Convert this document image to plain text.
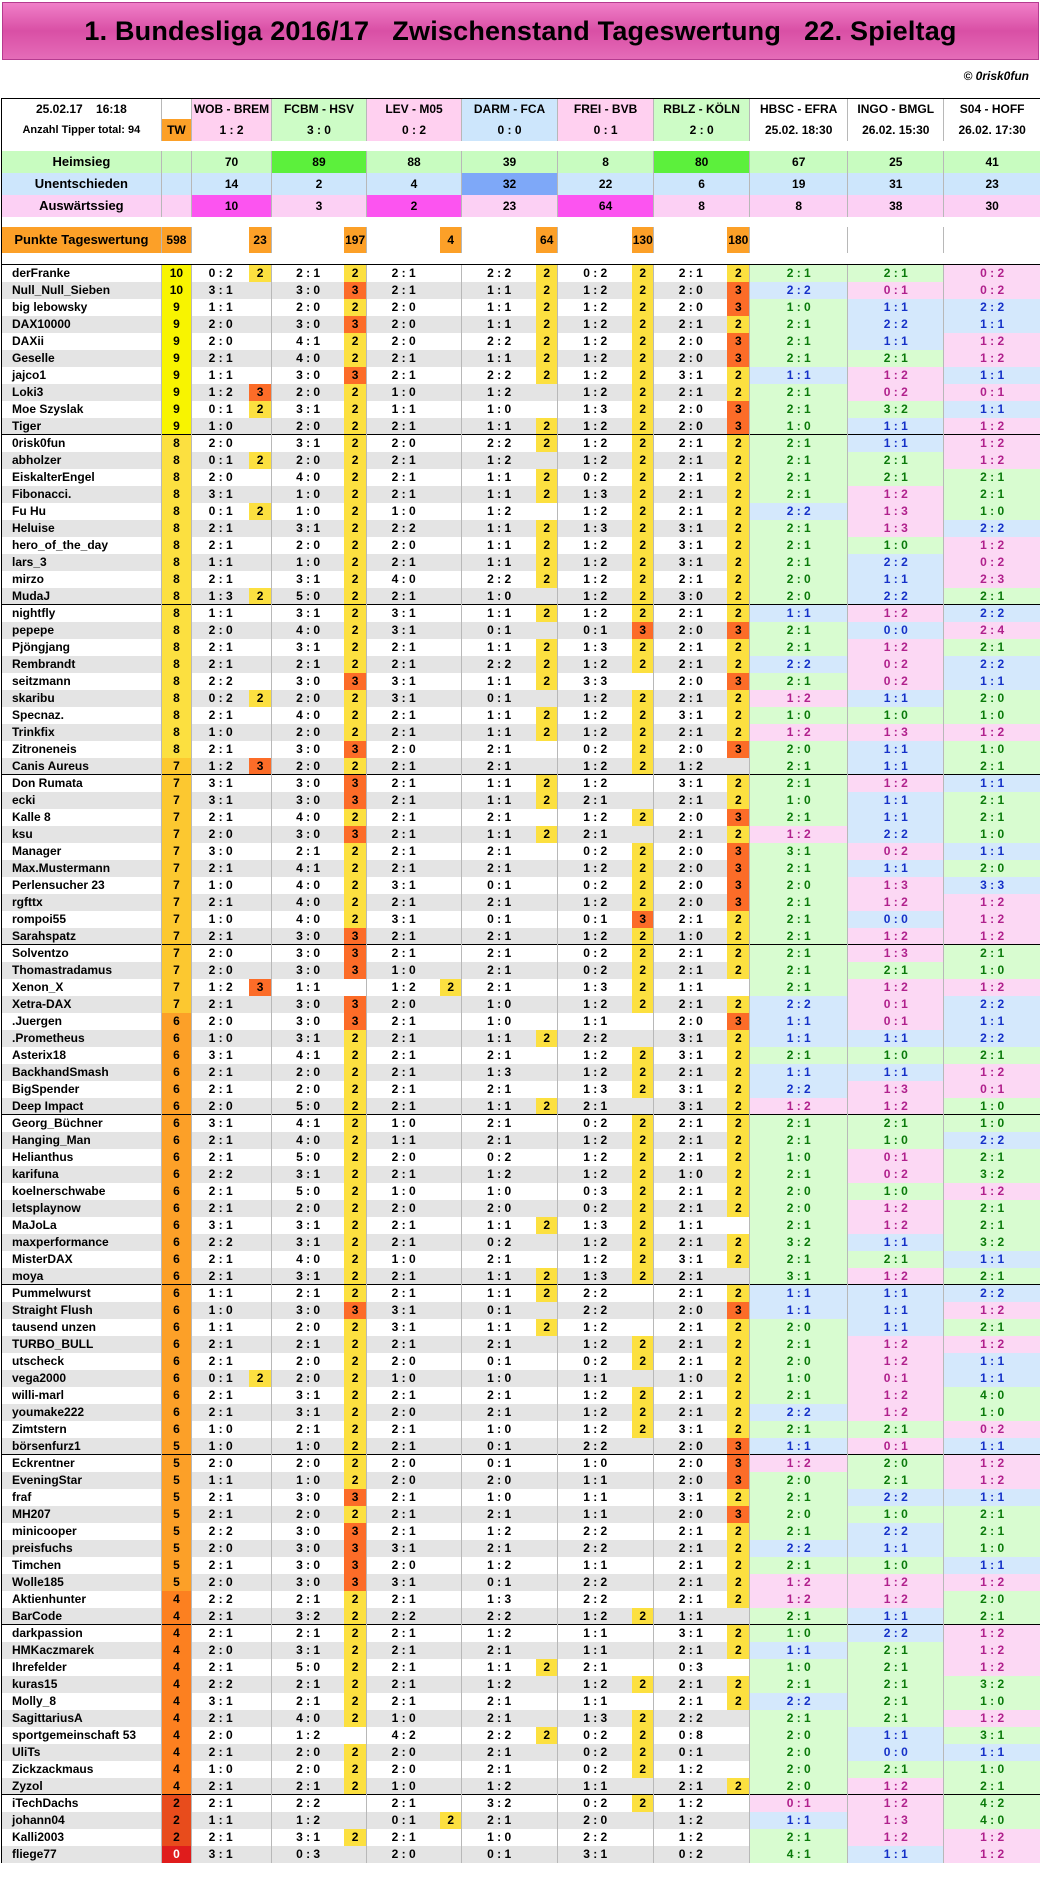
1. Bundesliga 2016/17   Zwischenstand Tageswertung   22. Spieltag
© 0risk0fun
25.02.17 16:18		WOB - BREM		FCBM - HSV		LEV - M05		DARM - FCA		FREI - BVB		RBLZ - KÖLN		HBSC - EFRA	INGO - BMGL	S04 - HOFF
Anzahl Tipper total: 94	TW	1 : 2		3 : 0		0 : 2		0 : 0		0 : 1		2 : 0		25.02. 18:30	26.02. 15:30	26.02. 17:30

Heimsieg		70		89		88		39		8		80		67	25	41
Unentschieden		14		2		4		32		22		6		19	31	23
Auswärtssieg		10		3		2		23		64		8		8	38	30

Punkte Tageswertung	598		23		197		4		64		130		180			

derFranke	10	0 : 2	2	2 : 1	2	2 : 1		2 : 2	2	0 : 2	2	2 : 1	2	2 : 1	2 : 1	0 : 2
Null_Null_Sieben	10	3 : 1		3 : 0	3	2 : 1		1 : 1	2	1 : 2	2	2 : 0	3	2 : 2	0 : 1	0 : 2
big lebowsky	9	1 : 1		2 : 0	2	2 : 0		1 : 1	2	1 : 2	2	2 : 0	3	1 : 0	1 : 1	2 : 2
DAX10000	9	2 : 0		3 : 0	3	2 : 0		1 : 1	2	1 : 2	2	2 : 1	2	2 : 1	2 : 2	1 : 1
DAXii	9	2 : 0		4 : 1	2	2 : 0		2 : 2	2	1 : 2	2	2 : 0	3	2 : 1	1 : 1	1 : 2
Geselle	9	2 : 1		4 : 0	2	2 : 1		1 : 1	2	1 : 2	2	2 : 0	3	2 : 1	2 : 1	1 : 2
jajco1	9	1 : 1		3 : 0	3	2 : 1		2 : 2	2	1 : 2	2	3 : 1	2	1 : 1	1 : 2	1 : 1
Loki3	9	1 : 2	3	2 : 0	2	1 : 0		1 : 2		1 : 2	2	2 : 1	2	2 : 1	0 : 2	0 : 1
Moe Szyslak	9	0 : 1	2	3 : 1	2	1 : 1		1 : 0		1 : 3	2	2 : 0	3	2 : 1	3 : 2	1 : 1
Tiger	9	1 : 0		2 : 0	2	2 : 1		1 : 1	2	1 : 2	2	2 : 0	3	1 : 0	1 : 1	1 : 2
0risk0fun	8	2 : 0		3 : 1	2	2 : 0		2 : 2	2	1 : 2	2	2 : 1	2	2 : 1	1 : 1	1 : 2
abholzer	8	0 : 1	2	2 : 0	2	2 : 1		1 : 2		1 : 2	2	2 : 1	2	2 : 1	2 : 1	1 : 2
EiskalterEngel	8	2 : 0		4 : 0	2	2 : 1		1 : 1	2	0 : 2	2	2 : 1	2	2 : 1	2 : 1	2 : 1
Fibonacci.	8	3 : 1		1 : 0	2	2 : 1		1 : 1	2	1 : 3	2	2 : 1	2	2 : 1	1 : 2	2 : 1
Fu Hu	8	0 : 1	2	1 : 0	2	1 : 0		1 : 2		1 : 2	2	2 : 1	2	2 : 2	1 : 3	1 : 0
Heluise	8	2 : 1		3 : 1	2	2 : 2		1 : 1	2	1 : 3	2	3 : 1	2	2 : 1	1 : 3	2 : 2
hero_of_the_day	8	2 : 1		2 : 0	2	2 : 0		1 : 1	2	1 : 2	2	3 : 1	2	2 : 1	1 : 0	1 : 2
lars_3	8	1 : 1		1 : 0	2	2 : 1		1 : 1	2	1 : 2	2	3 : 1	2	2 : 1	2 : 2	0 : 2
mirzo	8	2 : 1		3 : 1	2	4 : 0		2 : 2	2	1 : 2	2	2 : 1	2	2 : 0	1 : 1	2 : 3
MudaJ	8	1 : 3	2	5 : 0	2	2 : 1		1 : 0		1 : 2	2	3 : 0	2	2 : 0	2 : 2	2 : 1
nightfly	8	1 : 1		3 : 1	2	3 : 1		1 : 1	2	1 : 2	2	2 : 1	2	1 : 1	1 : 2	2 : 2
pepepe	8	2 : 0		4 : 0	2	3 : 1		0 : 1		0 : 1	3	2 : 0	3	2 : 1	0 : 0	2 : 4
Pjöngjang	8	2 : 1		3 : 1	2	2 : 1		1 : 1	2	1 : 3	2	2 : 1	2	2 : 1	1 : 2	2 : 1
Rembrandt	8	2 : 1		2 : 1	2	2 : 1		2 : 2	2	1 : 2	2	2 : 1	2	2 : 2	0 : 2	2 : 2
seitzmann	8	2 : 2		3 : 0	3	3 : 1		1 : 1	2	3 : 3		2 : 0	3	2 : 1	0 : 2	1 : 1
skaribu	8	0 : 2	2	2 : 0	2	3 : 1		0 : 1		1 : 2	2	2 : 1	2	1 : 2	1 : 1	2 : 0
Specnaz.	8	2 : 1		4 : 0	2	2 : 1		1 : 1	2	1 : 2	2	3 : 1	2	1 : 0	1 : 0	1 : 0
Trinkfix	8	1 : 0		2 : 0	2	2 : 1		1 : 1	2	1 : 2	2	2 : 1	2	1 : 2	1 : 3	1 : 2
Zitroneneis	8	2 : 1		3 : 0	3	2 : 0		2 : 1		0 : 2	2	2 : 0	3	2 : 0	1 : 1	1 : 0
Canis Aureus	7	1 : 2	3	2 : 0	2	2 : 1		2 : 1		1 : 2	2	1 : 2		2 : 1	1 : 1	2 : 1
Don Rumata	7	3 : 1		3 : 0	3	2 : 1		1 : 1	2	1 : 2		3 : 1	2	2 : 1	1 : 2	1 : 1
ecki	7	3 : 1		3 : 0	3	2 : 1		1 : 1	2	2 : 1		2 : 1	2	1 : 0	1 : 1	2 : 1
Kalle 8	7	2 : 1		4 : 0	2	2 : 1		2 : 1		1 : 2	2	2 : 0	3	2 : 1	1 : 1	2 : 1
ksu	7	2 : 0		3 : 0	3	2 : 1		1 : 1	2	2 : 1		2 : 1	2	1 : 2	2 : 2	1 : 0
Manager	7	3 : 0		2 : 1	2	2 : 1		2 : 1		0 : 2	2	2 : 0	3	3 : 1	0 : 2	1 : 1
Max.Mustermann	7	2 : 1		4 : 1	2	2 : 1		2 : 1		1 : 2	2	2 : 0	3	2 : 1	1 : 1	2 : 0
Perlensucher 23	7	1 : 0		4 : 0	2	3 : 1		0 : 1		0 : 2	2	2 : 0	3	2 : 0	1 : 3	3 : 3
rgfttx	7	2 : 1		4 : 0	2	2 : 1		2 : 1		1 : 2	2	2 : 0	3	2 : 1	1 : 2	1 : 2
rompoi55	7	1 : 0		4 : 0	2	3 : 1		0 : 1		0 : 1	3	2 : 1	2	2 : 1	0 : 0	1 : 2
Sarahspatz	7	2 : 1		3 : 0	3	2 : 1		2 : 1		1 : 2	2	1 : 0	2	2 : 1	1 : 2	1 : 2
Solventzo	7	2 : 0		3 : 0	3	2 : 1		2 : 1		0 : 2	2	2 : 1	2	2 : 1	1 : 3	2 : 1
Thomastradamus	7	2 : 0		3 : 0	3	1 : 0		2 : 1		0 : 2	2	2 : 1	2	2 : 1	2 : 1	1 : 0
Xenon_X	7	1 : 2	3	1 : 1		1 : 2	2	2 : 1		1 : 3	2	1 : 1		2 : 1	1 : 2	1 : 2
Xetra-DAX	7	2 : 1		3 : 0	3	2 : 0		1 : 0		1 : 2	2	2 : 1	2	2 : 2	0 : 1	2 : 2
.Juergen	6	2 : 0		3 : 0	3	2 : 1		1 : 0		1 : 1		2 : 0	3	1 : 1	0 : 1	1 : 1
.Prometheus	6	1 : 0		3 : 1	2	2 : 1		1 : 1	2	2 : 2		3 : 1	2	1 : 1	1 : 1	2 : 2
Asterix18	6	3 : 1		4 : 1	2	2 : 1		2 : 1		1 : 2	2	3 : 1	2	2 : 1	1 : 0	2 : 1
BackhandSmash	6	2 : 1		2 : 0	2	2 : 1		1 : 3		1 : 2	2	2 : 1	2	1 : 1	1 : 1	1 : 2
BigSpender	6	2 : 1		2 : 0	2	2 : 1		2 : 1		1 : 3	2	3 : 1	2	2 : 2	1 : 3	0 : 1
Deep Impact	6	2 : 0		5 : 0	2	2 : 1		1 : 1	2	2 : 1		3 : 1	2	1 : 2	1 : 2	1 : 0
Georg_Büchner	6	3 : 1		4 : 1	2	1 : 0		2 : 1		0 : 2	2	2 : 1	2	2 : 1	2 : 1	1 : 0
Hanging_Man	6	2 : 1		4 : 0	2	1 : 1		2 : 1		1 : 2	2	2 : 1	2	2 : 1	1 : 0	2 : 2
Helianthus	6	2 : 1		5 : 0	2	2 : 0		0 : 2		1 : 2	2	2 : 1	2	1 : 0	0 : 1	2 : 1
karifuna	6	2 : 2		3 : 1	2	2 : 1		1 : 2		1 : 2	2	1 : 0	2	2 : 1	0 : 2	3 : 2
koelnerschwabe	6	2 : 1		5 : 0	2	1 : 0		1 : 0		0 : 3	2	2 : 1	2	2 : 0	1 : 0	1 : 2
letsplaynow	6	2 : 1		2 : 0	2	2 : 0		2 : 0		0 : 2	2	2 : 1	2	2 : 0	1 : 2	2 : 1
MaJoLa	6	3 : 1		3 : 1	2	2 : 1		1 : 1	2	1 : 3	2	1 : 1		2 : 1	1 : 2	2 : 1
maxperformance	6	2 : 2		3 : 1	2	2 : 1		0 : 2		1 : 2	2	2 : 1	2	3 : 2	1 : 1	3 : 2
MisterDAX	6	2 : 1		4 : 0	2	1 : 0		2 : 1		1 : 2	2	3 : 1	2	2 : 1	2 : 1	1 : 1
moya	6	2 : 1		3 : 1	2	2 : 1		1 : 1	2	1 : 3	2	2 : 1		3 : 1	1 : 2	2 : 1
Pummelwurst	6	1 : 1		2 : 1	2	2 : 1		1 : 1	2	2 : 2		2 : 1	2	1 : 1	1 : 1	2 : 2
Straight Flush	6	1 : 0		3 : 0	3	3 : 1		0 : 1		2 : 2		2 : 0	3	1 : 1	1 : 1	1 : 2
tausend unzen	6	1 : 1		2 : 0	2	3 : 1		1 : 1	2	1 : 2		2 : 1	2	2 : 0	1 : 1	2 : 1
TURBO_BULL	6	2 : 1		2 : 1	2	2 : 1		2 : 1		1 : 2	2	2 : 1	2	2 : 1	1 : 2	1 : 2
utscheck	6	2 : 1		2 : 0	2	2 : 0		0 : 1		0 : 2	2	2 : 1	2	2 : 0	1 : 2	1 : 1
vega2000	6	0 : 1	2	2 : 0	2	1 : 0		1 : 0		1 : 1		1 : 0	2	1 : 0	0 : 1	1 : 1
willi-marl	6	2 : 1		3 : 1	2	2 : 1		2 : 1		1 : 2	2	2 : 1	2	2 : 1	1 : 2	4 : 0
youmake222	6	2 : 1		3 : 1	2	2 : 0		2 : 1		1 : 2	2	2 : 1	2	2 : 2	1 : 2	1 : 0
Zimtstern	6	1 : 0		2 : 1	2	2 : 1		1 : 0		1 : 2	2	3 : 1	2	2 : 1	2 : 1	0 : 2
börsenfurz1	5	1 : 0		1 : 0	2	2 : 1		0 : 1		2 : 2		2 : 0	3	1 : 1	0 : 1	1 : 1
Eckrentner	5	2 : 0		2 : 0	2	2 : 0		0 : 1		1 : 0		2 : 0	3	1 : 2	2 : 0	1 : 2
EveningStar	5	1 : 1		1 : 0	2	2 : 0		2 : 0		1 : 1		2 : 0	3	2 : 0	2 : 1	1 : 2
fraf	5	2 : 1		3 : 0	3	2 : 1		1 : 0		1 : 1		3 : 1	2	2 : 1	2 : 2	1 : 1
MH207	5	2 : 1		2 : 0	2	2 : 1		2 : 1		1 : 1		2 : 0	3	2 : 0	1 : 0	2 : 1
minicooper	5	2 : 2		3 : 0	3	2 : 1		1 : 2		2 : 2		2 : 1	2	2 : 1	2 : 2	2 : 1
preisfuchs	5	2 : 0		3 : 0	3	3 : 1		2 : 1		2 : 2		2 : 1	2	2 : 2	1 : 1	1 : 0
Timchen	5	2 : 1		3 : 0	3	2 : 0		1 : 2		1 : 1		2 : 1	2	2 : 1	1 : 0	1 : 1
Wolle185	5	2 : 0		3 : 0	3	3 : 1		0 : 1		2 : 2		2 : 1	2	1 : 2	1 : 2	1 : 2
Aktienhunter	4	2 : 2		2 : 1	2	2 : 1		1 : 3		2 : 2		2 : 1	2	1 : 2	1 : 2	2 : 0
BarCode	4	2 : 1		3 : 2	2	2 : 2		2 : 2		1 : 2	2	1 : 1		2 : 1	1 : 1	2 : 1
darkpassion	4	2 : 1		2 : 1	2	2 : 1		1 : 2		1 : 1		3 : 1	2	1 : 0	2 : 2	1 : 2
HMKaczmarek	4	2 : 0		3 : 1	2	2 : 1		2 : 1		1 : 1		2 : 1	2	1 : 1	2 : 1	1 : 2
Ihrefelder	4	2 : 1		5 : 0	2	2 : 1		1 : 1	2	2 : 1		0 : 3		1 : 0	2 : 1	1 : 2
kuras15	4	2 : 2		2 : 1	2	2 : 1		1 : 2		1 : 2	2	2 : 1	2	2 : 1	2 : 1	3 : 2
Molly_8	4	3 : 1		2 : 1	2	2 : 1		2 : 1		1 : 1		2 : 1	2	2 : 2	2 : 1	1 : 0
SagittariusA	4	2 : 1		4 : 0	2	1 : 0		2 : 1		1 : 3	2	2 : 2		2 : 1	2 : 1	1 : 2
sportgemeinschaft 53	4	2 : 0		1 : 2		4 : 2		2 : 2	2	0 : 2	2	0 : 8		2 : 0	1 : 1	3 : 1
UliTs	4	2 : 1		2 : 0	2	2 : 0		2 : 1		0 : 2	2	0 : 1		2 : 0	0 : 0	1 : 1
Zickzackmaus	4	1 : 0		2 : 0	2	2 : 0		2 : 1		0 : 2	2	1 : 2		2 : 0	2 : 1	1 : 0
Zyzol	4	2 : 1		2 : 1	2	1 : 0		1 : 2		1 : 1		2 : 1	2	2 : 0	1 : 2	2 : 1
iTechDachs	2	2 : 1		2 : 2		2 : 1		3 : 2		0 : 2	2	1 : 2		0 : 1	1 : 2	4 : 2
johann04	2	1 : 1		1 : 2		0 : 1	2	2 : 1		2 : 0		1 : 2		1 : 1	1 : 3	4 : 0
Kalli2003	2	2 : 1		3 : 1	2	2 : 1		1 : 0		2 : 2		1 : 2		2 : 1	1 : 2	1 : 2
fliege77	0	3 : 1		0 : 3		2 : 0		0 : 1		3 : 1		0 : 2		4 : 1	1 : 1	1 : 2
